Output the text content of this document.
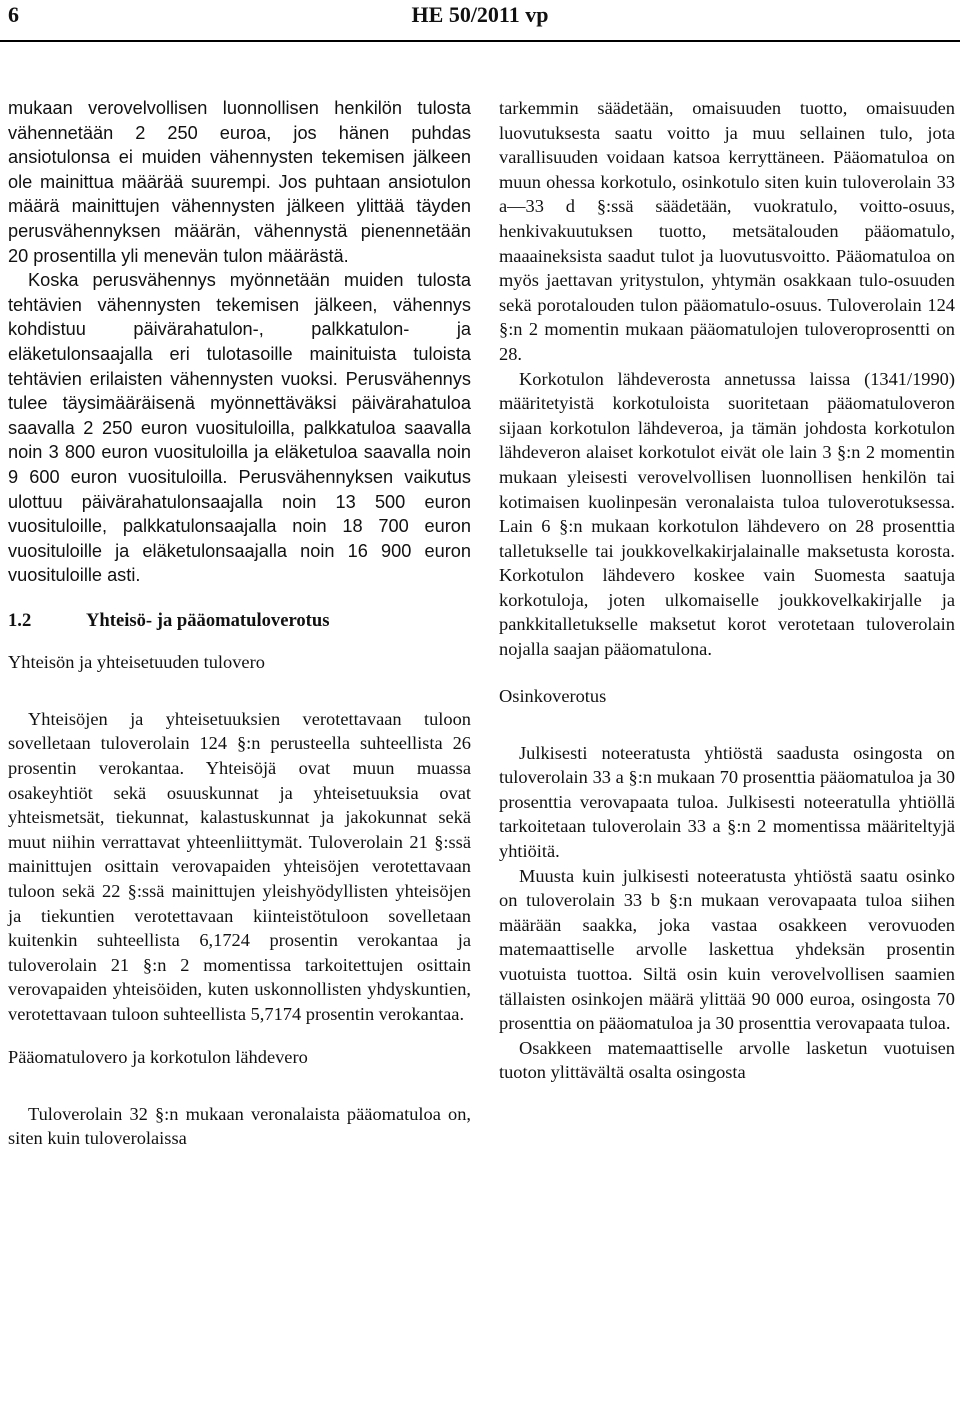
6	HE 50/2011 vp

mukaan verovelvollisen luonnollisen henkilön tulosta vähennetään 2 250 euroa, jos hänen puhdas ansiotulonsa ei muiden vähennysten tekemisen jälkeen ole mainittua määrää suurempi. Jos puhtaan ansiotulon määrä mainittujen vähennysten jälkeen ylittää täyden perusvähennyksen määrän, vähennystä pienennetään 20 prosentilla yli menevän tulon määrästä.

Koska perusvähennys myönnetään muiden tulosta tehtävien vähennysten tekemisen jälkeen, vähennys kohdistuu päivärahatulon-, palkkatulon- ja eläketulonsaajalla eri tulotasoille mainituista tuloista tehtävien erilaisten vähennysten vuoksi. Perusvähennys tulee täysimääräisenä myönnettäväksi päivärahatuloa saavalla 2 250 euron vuosituloilla, palkkatuloa saavalla noin 3 800 euron vuosituloilla ja eläketuloa saavalla noin 9 600 euron vuosituloilla. Perusvähennyksen vaikutus ulottuu päivärahatulonsaajalla noin 13 500 euron vuosituloille, palkkatulonsaajalla noin 18 700 euron vuosituloille ja eläketulonsaajalla noin 16 900 euron vuosituloille asti.

1.2	Yhteisö- ja pääomatuloverotus
Yhteisön ja yhteisetuuden tulovero

Yhteisöjen ja yhteisetuuksien verotettavaan tuloon sovelletaan tuloverolain 124 §:n perusteella suhteellista 26 prosentin verokantaa. Yhteisöjä ovat muun muassa osakeyhtiöt sekä osuuskunnat ja yhteisetuuksia ovat yhteismetsät, tiekunnat, kalastuskunnat ja jakokunnat sekä muut niihin verrattavat yhteenliittymät. Tuloverolain 21 §:ssä mainittujen osittain verovapaiden yhteisöjen verotettavaan tuloon sekä 22 §:ssä mainittujen yleishyödyllisten yhteisöjen ja tiekuntien verotettavaan kiinteistötuloon sovelletaan kuitenkin suhteellista 6,1724 prosentin verokantaa ja tuloverolain 21 §:n 2 momentissa tarkoitettujen osittain verovapaiden yhteisöiden, kuten uskonnollisten yhdyskuntien, verotettavaan tuloon suhteellista 5,7174 prosentin verokantaa.

Pääomatulovero ja korkotulon lähdevero

Tuloverolain 32 §:n mukaan veronalaista pääomatuloa on, siten kuin tuloverolaissa

tarkemmin säädetään, omaisuuden tuotto, omaisuuden luovutuksesta saatu voitto ja muu sellainen tulo, jota varallisuuden voidaan katsoa kerryttäneen. Pääomatuloa on muun ohessa korkotulo, osinkotulo siten kuin tuloverolain 33 a—33 d §:ssä säädetään, vuokratulo, voitto-osuus, henkivakuutuksen tuotto, metsätalouden pääomatulo, maaaineksista saadut tulot ja luovutusvoitto. Pääomatuloa on myös jaettavan yritystulon, yhtymän osakkaan tulo-osuuden sekä porotalouden tulon pääomatulo-osuus. Tuloverolain 124 §:n 2 momentin mukaan pääomatulojen tuloveroprosentti on 28.

Korkotulon lähdeverosta annetussa laissa (1341/1990) määritetyistä korkotuloista suoritetaan pääomatuloveron sijaan korkotulon lähdeveroa, ja tämän johdosta korkotulon lähdeveron alaiset korkotulot eivät ole lain 3 §:n 2 momentin mukaan yleisesti verovelvollisen luonnollisen henkilön tai kotimaisen kuolinpesän veronalaista tuloa tuloverotuksessa. Lain 6 §:n mukaan korkotulon lähdevero on 28 prosenttia talletukselle tai joukkovelkakirjalainalle maksetusta korosta. Korkotulon lähdevero koskee vain Suomesta saatuja korkotuloja, joten ulkomaiselle joukkovelkakirjalle ja pankkitalletukselle maksetut korot verotetaan tuloverolain nojalla saajan pääomatulona.

Osinkoverotus

Julkisesti noteeratusta yhtiöstä saadusta osingosta on tuloverolain 33 a §:n mukaan 70 prosenttia pääomatuloa ja 30 prosenttia verovapaata tuloa. Julkisesti noteeratulla yhtiöllä tarkoitetaan tuloverolain 33 a §:n 2 momentissa määriteltyjä yhtiöitä.

Muusta kuin julkisesti noteeratusta yhtiöstä saatu osinko on tuloverolain 33 b §:n mukaan verovapaata tuloa siihen määrään saakka, joka vastaa osakkeen verovuoden matemaattiselle arvolle laskettua yhdeksän prosentin vuotuista tuottoa. Siltä osin kuin verovelvollisen saamien tällaisten osinkojen määrä ylittää 90 000 euroa, osingosta 70 prosenttia on pääomatuloa ja 30 prosenttia verovapaata tuloa.

Osakkeen matemaattiselle arvolle lasketun vuotuisen tuoton ylittävältä osalta osingosta
